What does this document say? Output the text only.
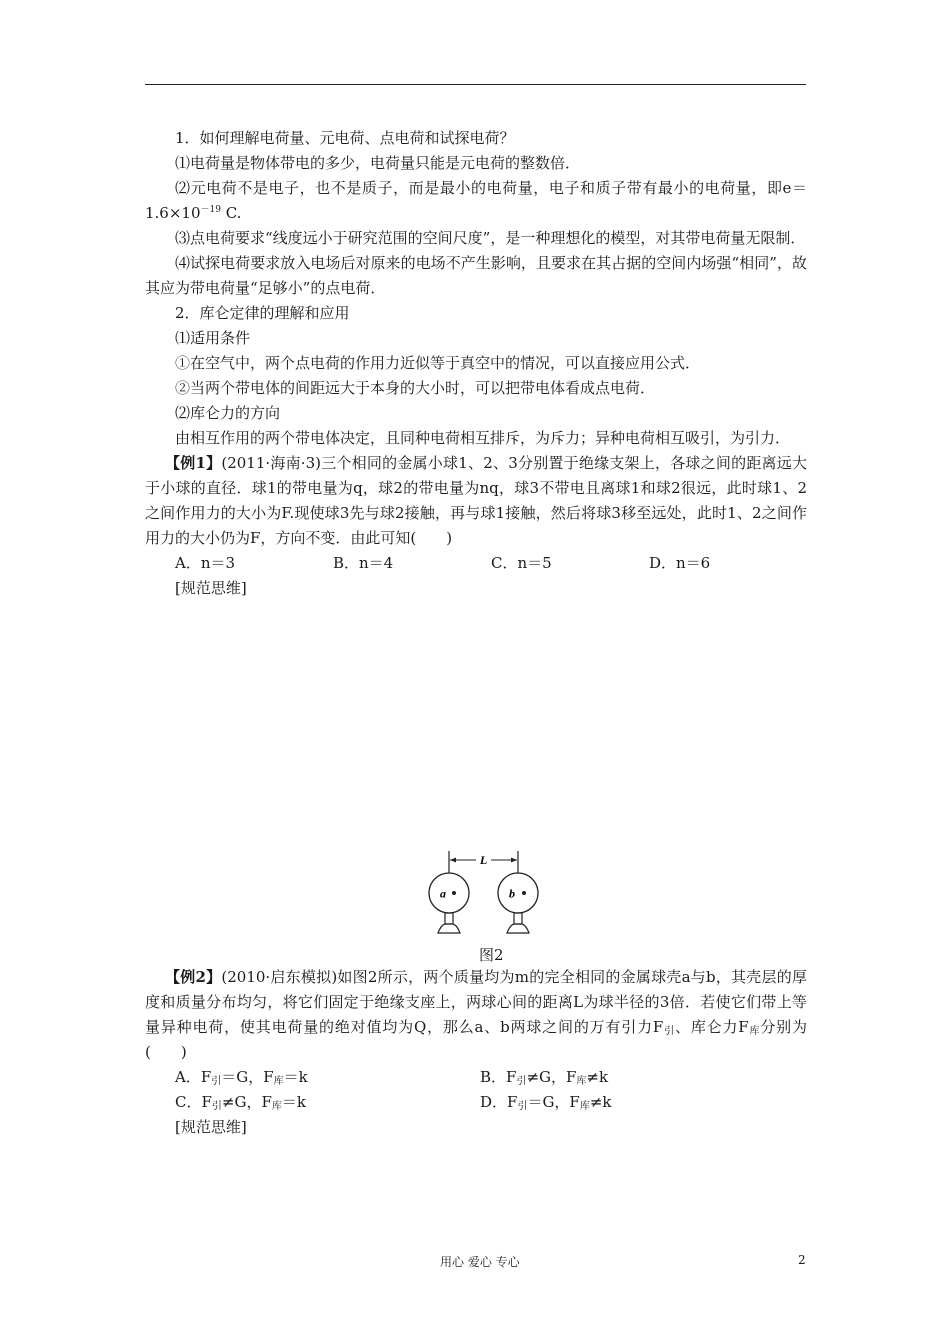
1．如何理解电荷量、元电荷、点电荷和试探电荷？

⑴电荷量是物体带电的多少，电荷量只能是元电荷的整数倍．

⑵元电荷不是电子，也不是质子，而是最小的电荷量，电子和质子带有最小的电荷量，即$e=1.6\times 10^{-19}$ C.

⑶点电荷要求“线度远小于研究范围的空间尺度”，是一种理想化的模型，对其带电荷量无限制．

⑷试探电荷要求放入电场后对原来的电场不产生影响，且要求在其占据的空间内场强“相同”，故其应为带电荷量“足够小”的点电荷．

2．库仑定律的理解和应用

⑴适用条件

①在空气中，两个点电荷的作用力近似等于真空中的情况，可以直接应用公式．

②当两个带电体的间距远大于本身的大小时，可以把带电体看成点电荷．

⑵库仑力的方向

由相互作用的两个带电体决定，且同种电荷相互排斥，为斥力；异种电荷相互吸引，为引力．

【例1】(2011·海南·3)三个相同的金属小球1、2、3分别置于绝缘支架上，各球之间的距离远大于小球的直径．球1的带电量为q，球2的带电量为nq，球3不带电且离球1和球2很远，此时球1、2之间作用力的大小为F.现使球3先与球2接触，再与球1接触，然后将球3移至远处，此时1、2之间作用力的大小仍为F，方向不变．由此可知(　　)

A．n＝3	B．n＝4	C．n＝5	D．n＝6

[规范思维]

L
a	b
图2

【例2】(2010·启东模拟)如图2所示，两个质量均为m的完全相同的金属球壳a与b，其壳层的厚度和质量分布均匀，将它们固定于绝缘支座上，两球心间的距离L为球半径的3倍．若使它们带上等量异种电荷，使其电荷量的绝对值均为Q，那么a、b两球之间的万有引力$F_引$、库仑力$F_库$分别为(　　)

A．$F_引=G$，$F_库=k$	B．$F_引\ne G$，$F_库\ne k$
C．$F_引\ne G$，$F_库=k$	D．$F_引=G$，$F_库\ne k$

[规范思维]

用心 爱心 专心	2
